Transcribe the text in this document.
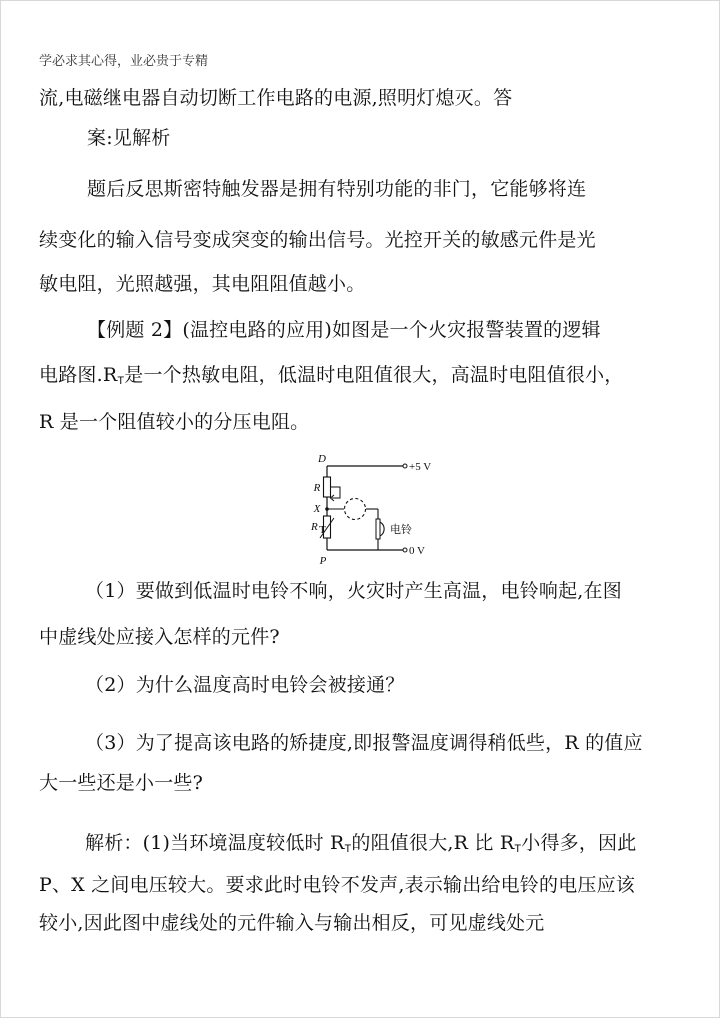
学必求其心得，业必贵于专精
流,电磁继电器自动切断工作电路的电源,照明灯熄灭。答
案:见解析
题后反思斯密特触发器是拥有特别功能的非门，它能够将连
续变化的输入信号变成突变的输出信号。光控开关的敏感元件是光
敏电阻，光照越强，其电阻阻值越小。
【例题 2】(温控电路的应用)如图是一个火灾报警装置的逻辑
电路图$.R_T$是一个热敏电阻，低温时电阻值很大，高温时电阻值很小，
R 是一个阻值较小的分压电阻。
D
R
X
R T
P
+5 V
0 V
电铃
（1）要做到低温时电铃不响，火灾时产生高温，电铃响起,在图
中虚线处应接入怎样的元件?
（2）为什么温度高时电铃会被接通？
（3）为了提高该电路的矫捷度,即报警温度调得稍低些，R 的值应
大一些还是小一些?
解析：(1)当环境温度较低时 $R_T$的阻值很大,R 比 $R_T$小得多，因此
P、X 之间电压较大。要求此时电铃不发声,表示输出给电铃的电压应该
较小,因此图中虚线处的元件输入与输出相反，可见虚线处元
